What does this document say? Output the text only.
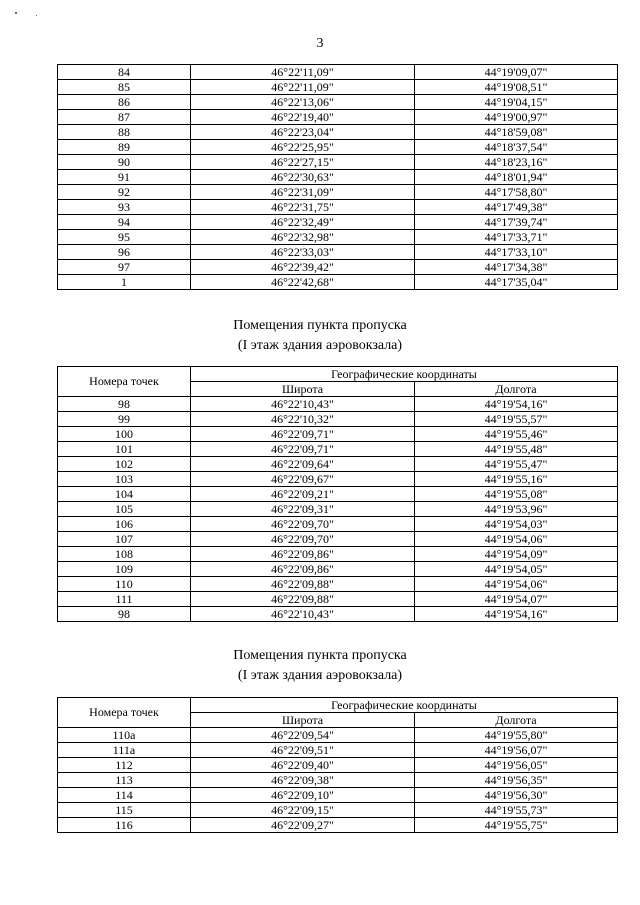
3
84	46°22'11,09"	44°19'09,07"
85	46°22'11,09"	44°19'08,51"
86	46°22'13,06"	44°19'04,15"
87	46°22'19,40"	44°19'00,97"
88	46°22'23,04"	44°18'59,08"
89	46°22'25,95"	44°18'37,54"
90	46°22'27,15"	44°18'23,16"
91	46°22'30,63"	44°18'01,94"
92	46°22'31,09"	44°17'58,80"
93	46°22'31,75"	44°17'49,38"
94	46°22'32,49"	44°17'39,74"
95	46°22'32,98"	44°17'33,71"
96	46°22'33,03"	44°17'33,10"
97	46°22'39,42"	44°17'34,38"
1	46°22'42,68"	44°17'35,04"
Помещения пункта пропуска
(I этаж здания аэровокзала)
Номера точек	Географические координаты	
	Широта	Долгота
98	46°22'10,43"	44°19'54,16"
99	46°22'10,32"	44°19'55,57"
100	46°22'09,71"	44°19'55,46"
101	46°22'09,71"	44°19'55,48"
102	46°22'09,64"	44°19'55,47"
103	46°22'09,67"	44°19'55,16"
104	46°22'09,21"	44°19'55,08"
105	46°22'09,31"	44°19'53,96"
106	46°22'09,70"	44°19'54,03"
107	46°22'09,70"	44°19'54,06"
108	46°22'09,86"	44°19'54,09"
109	46°22'09,86"	44°19'54,05"
110	46°22'09,88"	44°19'54,06"
111	46°22'09,88"	44°19'54,07"
98	46°22'10,43"	44°19'54,16"
Помещения пункта пропуска
(I этаж здания аэровокзала)
Номера точек	Географические координаты	
	Широта	Долгота
110а	46°22'09,54"	44°19'55,80"
111а	46°22'09,51"	44°19'56,07"
112	46°22'09,40"	44°19'56,05"
113	46°22'09,38"	44°19'56,35"
114	46°22'09,10"	44°19'56,30"
115	46°22'09,15"	44°19'55,73"
116	46°22'09,27"	44°19'55,75"
